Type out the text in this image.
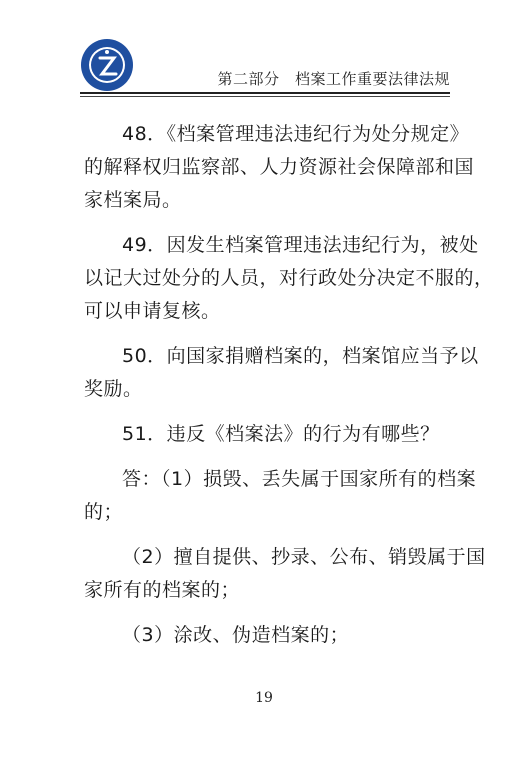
第二部分　档案工作重要法律法规

48．《档案管理违法违纪行为处分规定》
的解释权归监察部、人力资源社会保障部和国
家档案局。

49．因发生档案管理违法违纪行为，被处
以记大过处分的人员，对行政处分决定不服的，
可以申请复核。

50．向国家捐赠档案的，档案馆应当予以
奖励。

51．违反《档案法》的行为有哪些？

答：（1）损毁、丢失属于国家所有的档案
的；

（2）擅自提供、抄录、公布、销毁属于国
家所有的档案的；

（3）涂改、伪造档案的；

19
